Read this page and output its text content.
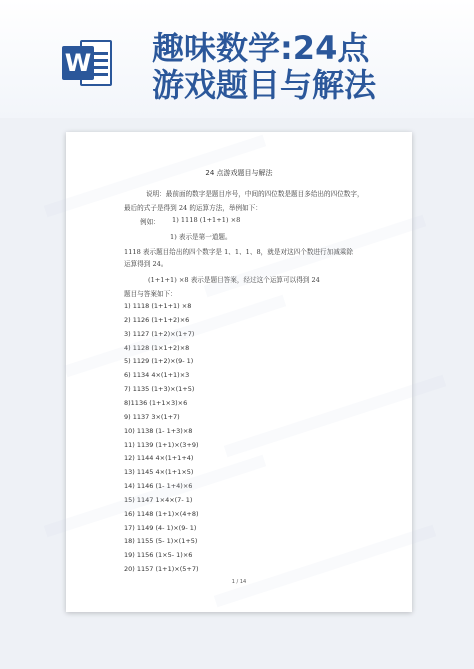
W 趣味数学:24点
游戏题目与解法
24 点游戏题目与解法
说明：最前面的数字是题目序号，中间的四位数是题目多给出的四位数字，
最后的式子是得到 24 的运算方法，举例如下：
例如： 1) 1118 (1+1+1) ×8
1) 表示是第一道题。
1118 表示题目给出的四个数字是 1、1、1、8，就是对这四个数进行加减乘除
运算得到 24。
(1+1+1) ×8 表示是题目答案，经过这个运算可以得到 24
题目与答案如下：
1) 1118 (1+1+1) ×8
2) 1126 (1+1+2)×6
3) 1127 (1+2)×(1+7)
4) 1128 (1×1+2)×8
5) 1129 (1+2)×(9- 1)
6) 1134 4×(1+1)×3
7) 1135 (1+3)×(1+5)
8)1136 (1+1×3)×6
9) 1137 3×(1+7)
10) 1138 (1- 1+3)×8
11) 1139 (1+1)×(3+9)
12) 1144 4×(1+1+4)
13) 1145 4×(1+1×5)
14) 1146 (1- 1+4)×6
15) 1147 1×4×(7- 1)
16) 1148 (1+1)×(4+8)
17) 1149 (4- 1)×(9- 1)
18) 1155 (5- 1)×(1+5)
19) 1156 (1×5- 1)×6
20) 1157 (1+1)×(5+7)
1 / 14
